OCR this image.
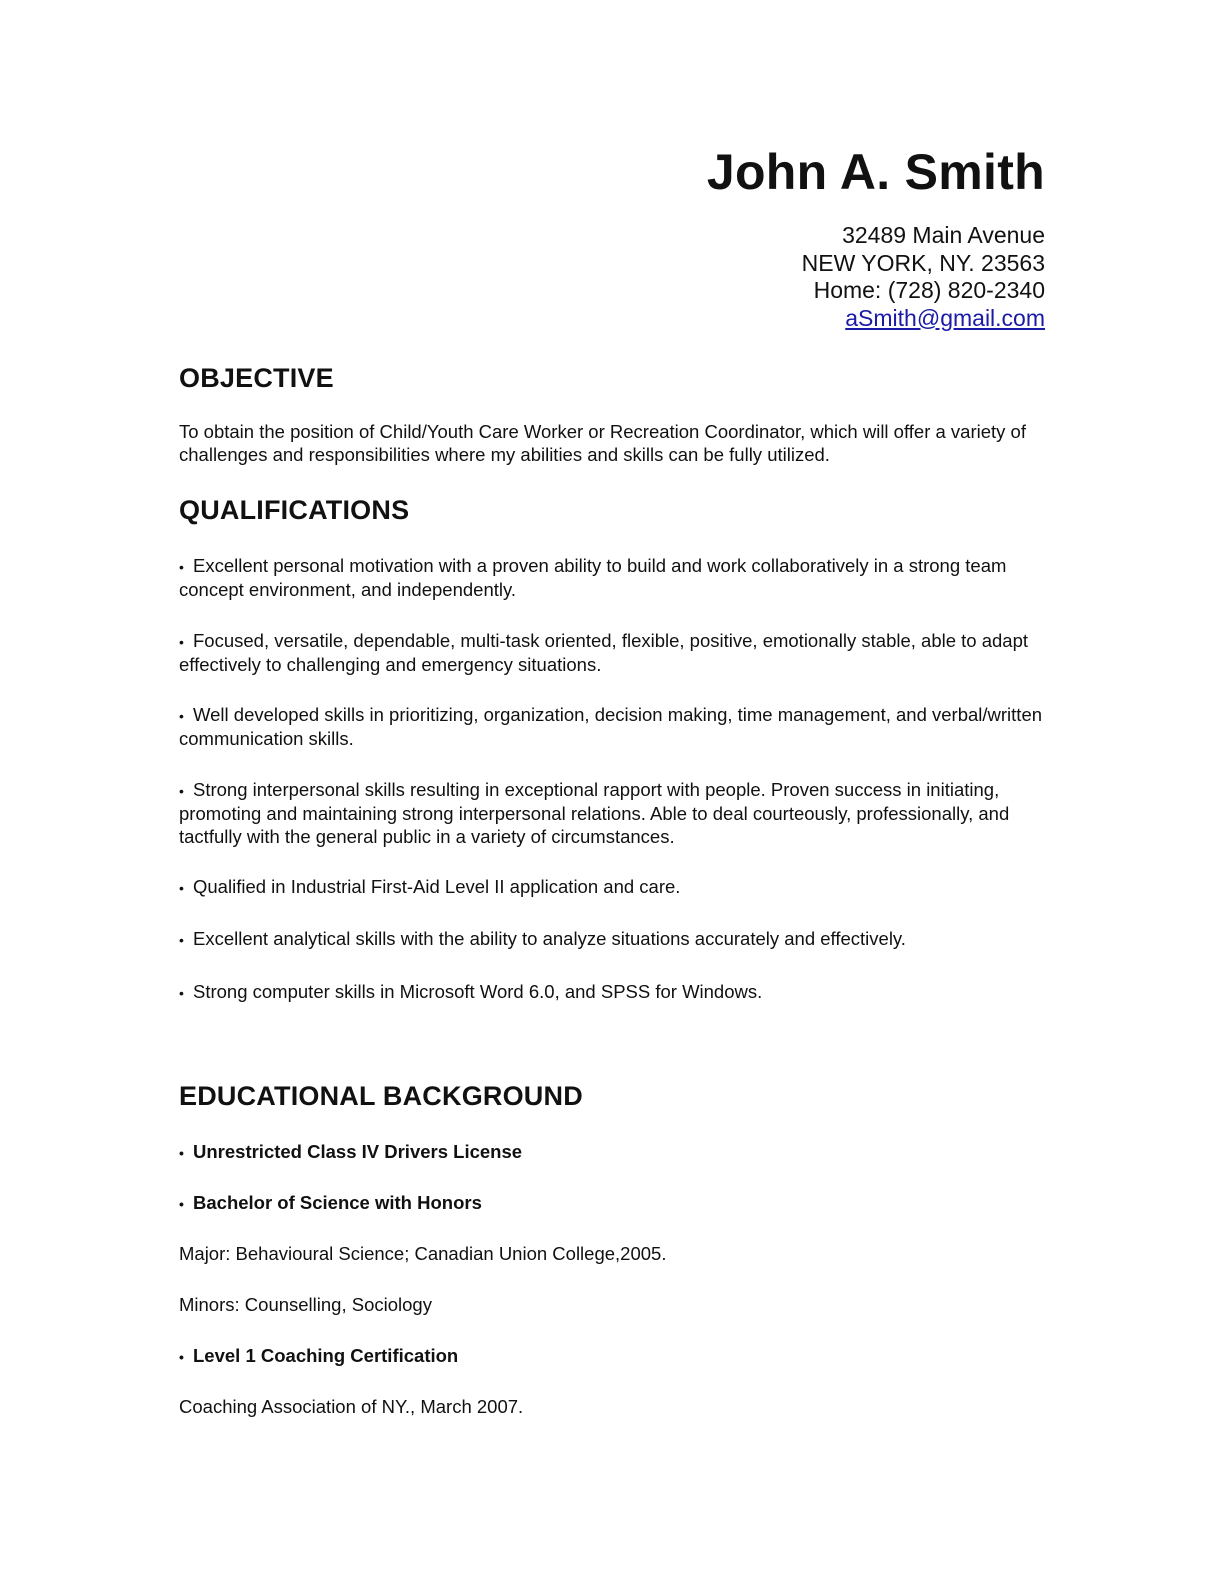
John A. Smith
32489 Main Avenue
NEW YORK, NY. 23563
Home: (728) 820-2340
aSmith@gmail.com
OBJECTIVE

To obtain the position of Child/Youth Care Worker or Recreation Coordinator, which will offer a variety of challenges and responsibilities where my abilities and skills can be fully utilized.

QUALIFICATIONS

• Excellent personal motivation with a proven ability to build and work collaboratively in a strong team concept environment, and independently.

• Focused, versatile, dependable, multi-task oriented, flexible, positive, emotionally stable, able to adapt effectively to challenging and emergency situations.

• Well developed skills in prioritizing, organization, decision making, time management, and verbal/written communication skills.

• Strong interpersonal skills resulting in exceptional rapport with people. Proven success in initiating, promoting and maintaining strong interpersonal relations. Able to deal courteously, professionally, and tactfully with the general public in a variety of circumstances.

• Qualified in Industrial First-Aid Level II application and care.

• Excellent analytical skills with the ability to analyze situations accurately and effectively.

• Strong computer skills in Microsoft Word 6.0, and SPSS for Windows.

EDUCATIONAL BACKGROUND

• Unrestricted Class IV Drivers License

• Bachelor of Science with Honors

Major: Behavioural Science; Canadian Union College,2005.

Minors: Counselling, Sociology

• Level 1 Coaching Certification

Coaching Association of NY., March 2007.
